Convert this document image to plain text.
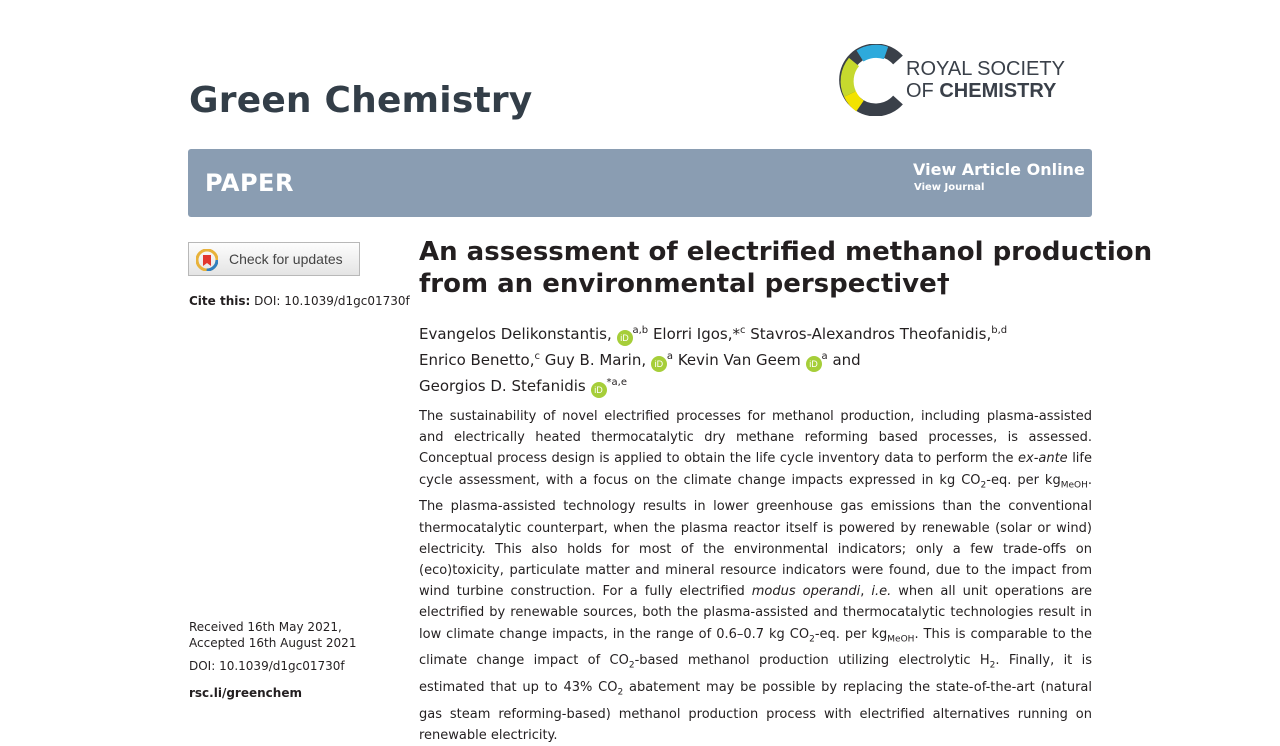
Green Chemistry
ROYAL SOCIETY
OF CHEMISTRY
PAPER	View Article Online
View Journal
Check for updates
Cite this: DOI: 10.1039/d1gc01730f
An assessment of electrified methanol production
from an environmental perspective†
Evangelos Delikonstantis, iD$^{a,b}$ Elorri Igos,*$^c$ Stavros-Alexandros Theofanidis,$^{b,d}$
Enrico Benetto,$^c$ Guy B. Marin, $iD^a$ Kevin Van Geem $iD^a$ and
Georgios D. Stefanidis iD$^{*a,e}$
The sustainability of novel electrified processes for methanol production, including plasma-assisted and electrically heated thermocatalytic dry methane reforming based processes, is assessed. Conceptual process design is applied to obtain the life cycle inventory data to perform the ex-ante life cycle assessment, with a focus on the climate change impacts expressed in kg $CO_2-eq$. per $kg_{MeOH}$. The plasma-assisted technology results in lower greenhouse gas emissions than the conventional thermocatalytic counterpart, when the plasma reactor itself is powered by renewable (solar or wind) electricity. This also holds for most of the environmental indicators; only a few trade-offs on (eco)toxicity, particulate matter and mineral resource indicators were found, due to the impact from wind turbine construction. For a fully electrified modus operandi, i.e. when all unit operations are electrified by renewable sources, both the plasma-assisted and thermocatalytic technologies result in low climate change impacts, in the range of 0.6–0.7 kg $CO_2-eq$. per $kg_{MeOH}$. This is comparable to the climate change impact of $CO_2$-based methanol production utilizing electrolytic $H_2$. Finally, it is estimated that up to 43% $CO_2$ abatement may be possible by replacing the state-of-the-art (natural gas steam reforming-based) methanol production process with electrified alternatives running on renewable electricity.
Received 16th May 2021,
Accepted 16th August 2021
DOI: 10.1039/d1gc01730f
rsc.li/greenchem
